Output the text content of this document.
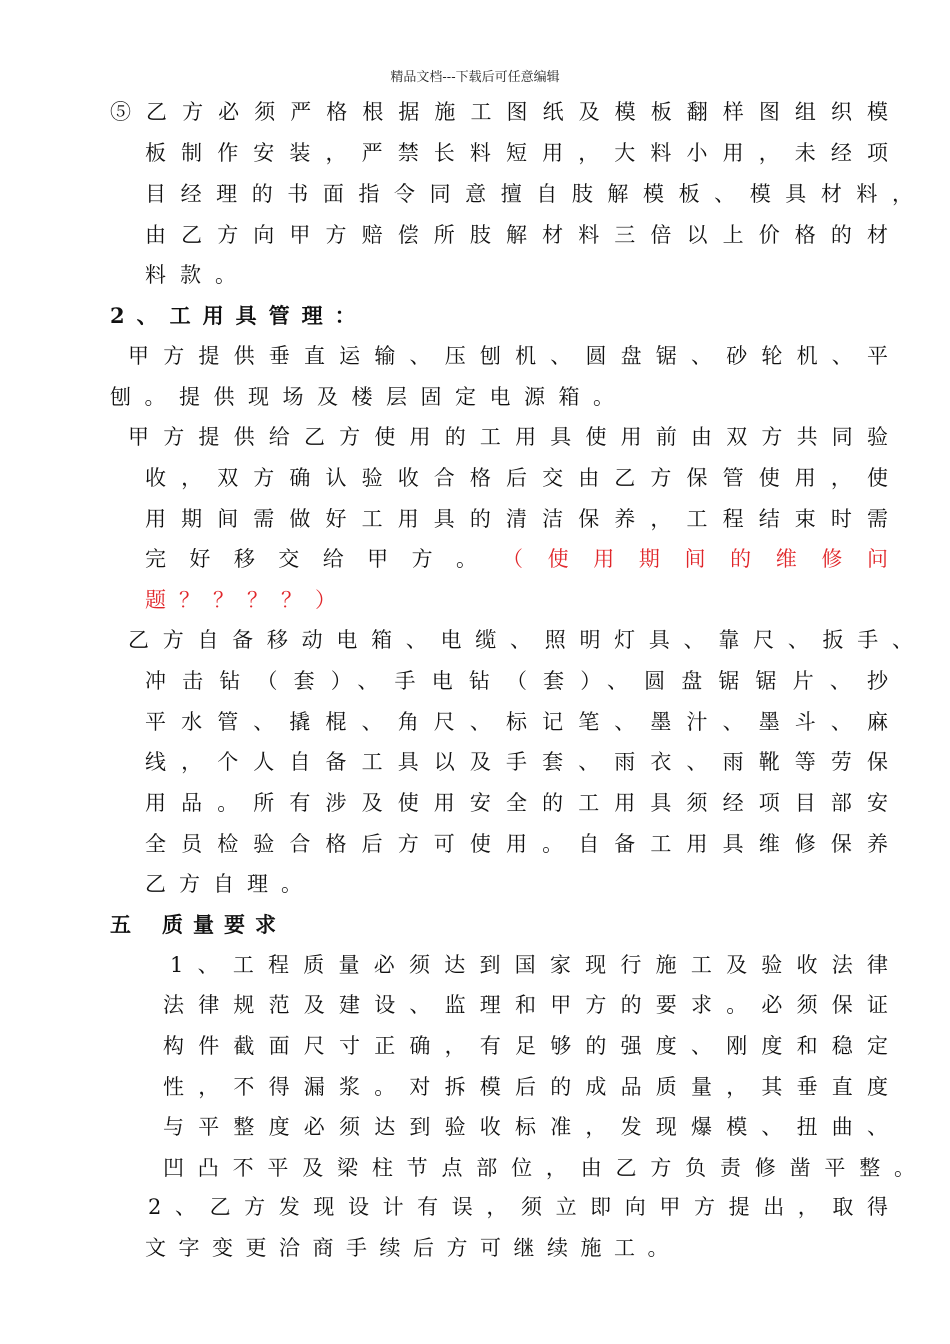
精品文档---下载后可任意编辑
⑤乙方必须严格根据施工图纸及模板翻样图组织模
板制作安装，严禁长料短用，大料小用，未经项
目经理的书面指令同意擅自肢解模板、模具材料，
由乙方向甲方赔偿所肢解材料三倍以上价格的材
料款。
2、工用具管理：
甲方提供垂直运输、压刨机、圆盘锯、砂轮机、平
刨。提供现场及楼层固定电源箱。
甲方提供给乙方使用的工用具使用前由双方共同验
收，双方确认验收合格后交由乙方保管使用，使
用期间需做好工用具的清洁保养，工程结束时需
完好移交给甲方。 （使用期间的维修问
题？？？？）
乙方自备移动电箱、电缆、照明灯具、靠尺、扳手、
冲击钻（套）、手电钻（套）、圆盘锯锯片、抄
平水管、撬棍、角尺、标记笔、墨汁、墨斗、麻
线，个人自备工具以及手套、雨衣、雨靴等劳保
用品。所有涉及使用安全的工用具须经项目部安
全员检验合格后方可使用。自备工用具维修保养
乙方自理。
五 质量要求
1、工程质量必须达到国家现行施工及验收法律
法律规范及建设、监理和甲方的要求。必须保证
构件截面尺寸正确，有足够的强度、刚度和稳定
性，不得漏浆。对拆模后的成品质量，其垂直度
与平整度必须达到验收标准，发现爆模、扭曲、
凹凸不平及梁柱节点部位，由乙方负责修凿平整。
2、乙方发现设计有误，须立即向甲方提出，取得
文字变更洽商手续后方可继续施工。
